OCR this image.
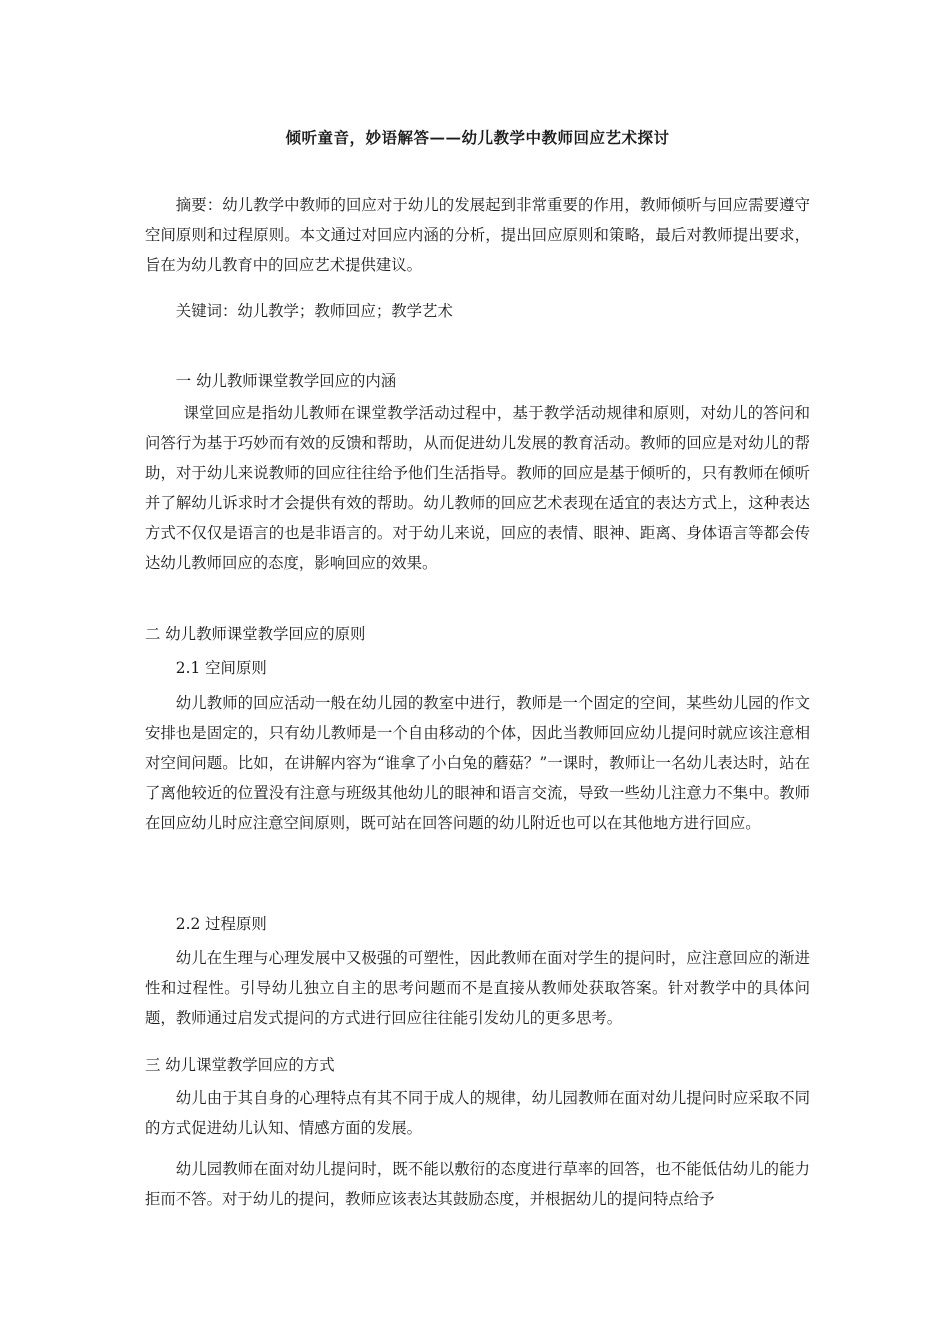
倾听童音，妙语解答——幼儿教学中教师回应艺术探讨
摘要：幼儿教学中教师的回应对于幼儿的发展起到非常重要的作用，教师倾听与回应需要遵守空间原则和过程原则。本文通过对回应内涵的分析，提出回应原则和策略，最后对教师提出要求，旨在为幼儿教育中的回应艺术提供建议。
关键词：幼儿教学；教师回应；教学艺术
一 幼儿教师课堂教学回应的内涵
课堂回应是指幼儿教师在课堂教学活动过程中，基于教学活动规律和原则，对幼儿的答问和问答行为基于巧妙而有效的反馈和帮助，从而促进幼儿发展的教育活动。教师的回应是对幼儿的帮助，对于幼儿来说教师的回应往往给予他们生活指导。教师的回应是基于倾听的，只有教师在倾听并了解幼儿诉求时才会提供有效的帮助。幼儿教师的回应艺术表现在适宜的表达方式上，这种表达方式不仅仅是语言的也是非语言的。对于幼儿来说，回应的表情、眼神、距离、身体语言等都会传达幼儿教师回应的态度，影响回应的效果。
二 幼儿教师课堂教学回应的原则
2.1 空间原则
幼儿教师的回应活动一般在幼儿园的教室中进行，教师是一个固定的空间，某些幼儿园的作文安排也是固定的，只有幼儿教师是一个自由移动的个体，因此当教师回应幼儿提问时就应该注意相对空间问题。比如，在讲解内容为“谁拿了小白兔的蘑菇？”一课时，教师让一名幼儿表达时，站在了离他较近的位置没有注意与班级其他幼儿的眼神和语言交流，导致一些幼儿注意力不集中。教师在回应幼儿时应注意空间原则，既可站在回答问题的幼儿附近也可以在其他地方进行回应。
2.2 过程原则
幼儿在生理与心理发展中又极强的可塑性，因此教师在面对学生的提问时，应注意回应的渐进性和过程性。引导幼儿独立自主的思考问题而不是直接从教师处获取答案。针对教学中的具体问题，教师通过启发式提问的方式进行回应往往能引发幼儿的更多思考。
三 幼儿课堂教学回应的方式
幼儿由于其自身的心理特点有其不同于成人的规律，幼儿园教师在面对幼儿提问时应采取不同的方式促进幼儿认知、情感方面的发展。
幼儿园教师在面对幼儿提问时，既不能以敷衍的态度进行草率的回答，也不能低估幼儿的能力拒而不答。对于幼儿的提问，教师应该表达其鼓励态度，并根据幼儿的提问特点给予
